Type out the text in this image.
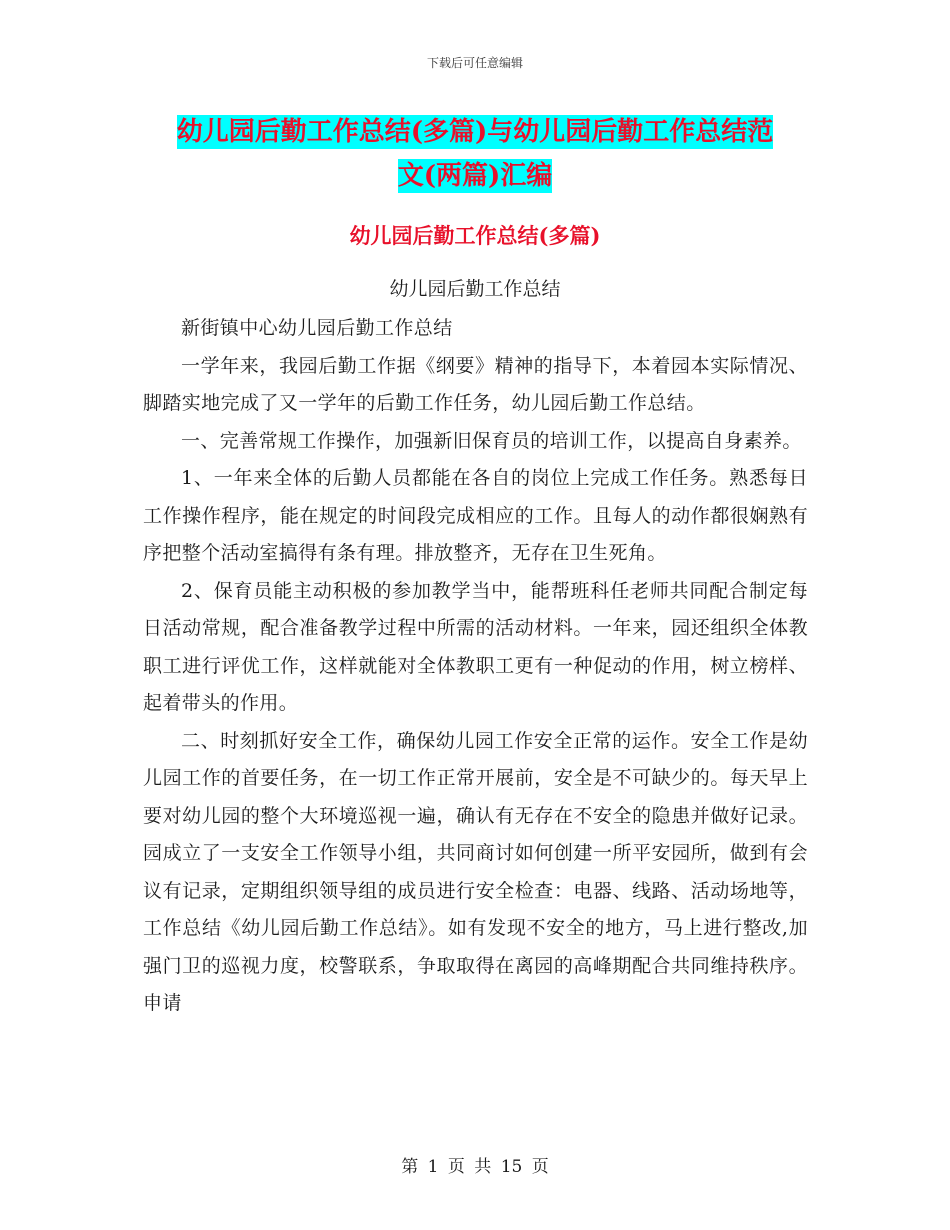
下载后可任意编辑
幼儿园后勤工作总结(多篇)与幼儿园后勤工作总结范
文(两篇)汇编
幼儿园后勤工作总结(多篇)
幼儿园后勤工作总结

新街镇中心幼儿园后勤工作总结

一学年来，我园后勤工作据《纲要》精神的指导下，本着园本实际情况、脚踏实地完成了又一学年的后勤工作任务，幼儿园后勤工作总结。

一、完善常规工作操作，加强新旧保育员的培训工作，以提高自身素养。

1、一年来全体的后勤人员都能在各自的岗位上完成工作任务。熟悉每日工作操作程序，能在规定的时间段完成相应的工作。且每人的动作都很娴熟有序把整个活动室搞得有条有理。排放整齐，无存在卫生死角。

2、保育员能主动积极的参加教学当中，能帮班科任老师共同配合制定每日活动常规，配合准备教学过程中所需的活动材料。一年来，园还组织全体教职工进行评优工作，这样就能对全体教职工更有一种促动的作用，树立榜样、起着带头的作用。

二、时刻抓好安全工作，确保幼儿园工作安全正常的运作。安全工作是幼儿园工作的首要任务，在一切工作正常开展前，安全是不可缺少的。每天早上要对幼儿园的整个大环境巡视一遍，确认有无存在不安全的隐患并做好记录。园成立了一支安全工作领导小组，共同商讨如何创建一所平安园所，做到有会议有记录，定期组织领导组的成员进行安全检查：电器、线路、活动场地等，工作总结《幼儿园后勤工作总结》。如有发现不安全的地方，马上进行整改,加强门卫的巡视力度，校警联系，争取取得在离园的高峰期配合共同维持秩序。申请

第 1 页 共 15 页
